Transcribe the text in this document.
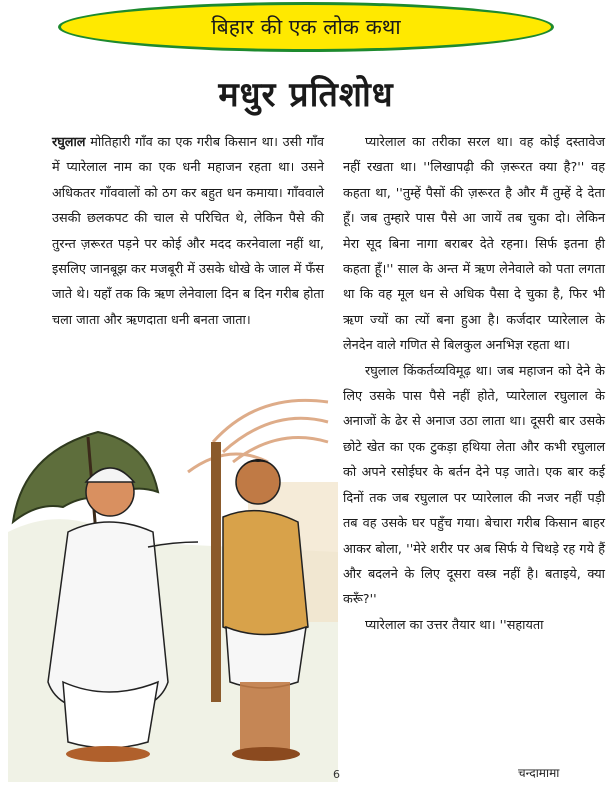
बिहार की एक लोक कथा
मधुर प्रतिशोध

रघुलाल मोतिहारी गाँव का एक गरीब किसान था। उसी गाँव में प्यारेलाल नाम का एक धनी महाजन रहता था। उसने अधिकतर गाँववालों को ठग कर बहुत धन कमाया। गाँववाले उसकी छलकपट की चाल से परिचित थे, लेकिन पैसे की तुरन्त ज़रूरत पड़ने पर कोई और मदद करनेवाला नहीं था, इसलिए जानबूझ कर मजबूरी में उसके धोखे के जाल में फँस जाते थे। यहाँ तक कि ऋण लेनेवाला दिन ब दिन गरीब होता चला जाता और ऋणदाता धनी बनता जाता।

प्यारेलाल का तरीका सरल था। वह कोई दस्तावेज नहीं रखता था। ''लिखापढ़ी की ज़रूरत क्या है?'' वह कहता था, ''तुम्हें पैसों की ज़रूरत है और मैं तुम्हें दे देता हूँ। जब तुम्हारे पास पैसे आ जायें तब चुका दो। लेकिन मेरा सूद बिना नागा बराबर देते रहना। सिर्फ इतना ही कहता हूँ।'' साल के अन्त में ऋण लेनेवाले को पता लगता था कि वह मूल धन से अधिक पैसा दे चुका है, फिर भी ऋण ज्यों का त्यों बना हुआ है। कर्जदार प्यारेलाल के लेनदेन वाले गणित से बिलकुल अनभिज्ञ रहता था।

रघुलाल किंकर्तव्यविमूढ़ था। जब महाजन को देने के लिए उसके पास पैसे नहीं होते, प्यारेलाल रघुलाल के अनाजों के ढेर से अनाज उठा लाता था। दूसरी बार उसके छोटे खेत का एक टुकड़ा हथिया लेता और कभी रघुलाल को अपने रसोईघर के बर्तन देने पड़ जाते। एक बार कई दिनों तक जब रघुलाल पर प्यारेलाल की नजर नहीं पड़ी तब वह उसके घर पहुँच गया। बेचारा गरीब किसान बाहर आकर बोला, ''मेरे शरीर पर अब सिर्फ ये चिथड़े रह गये हैं और बदलने के लिए दूसरा वस्त्र नहीं है। बताइये, क्या करूँ?''

प्यारेलाल का उत्तर तैयार था। ''सहायता

6	चन्दामामा
